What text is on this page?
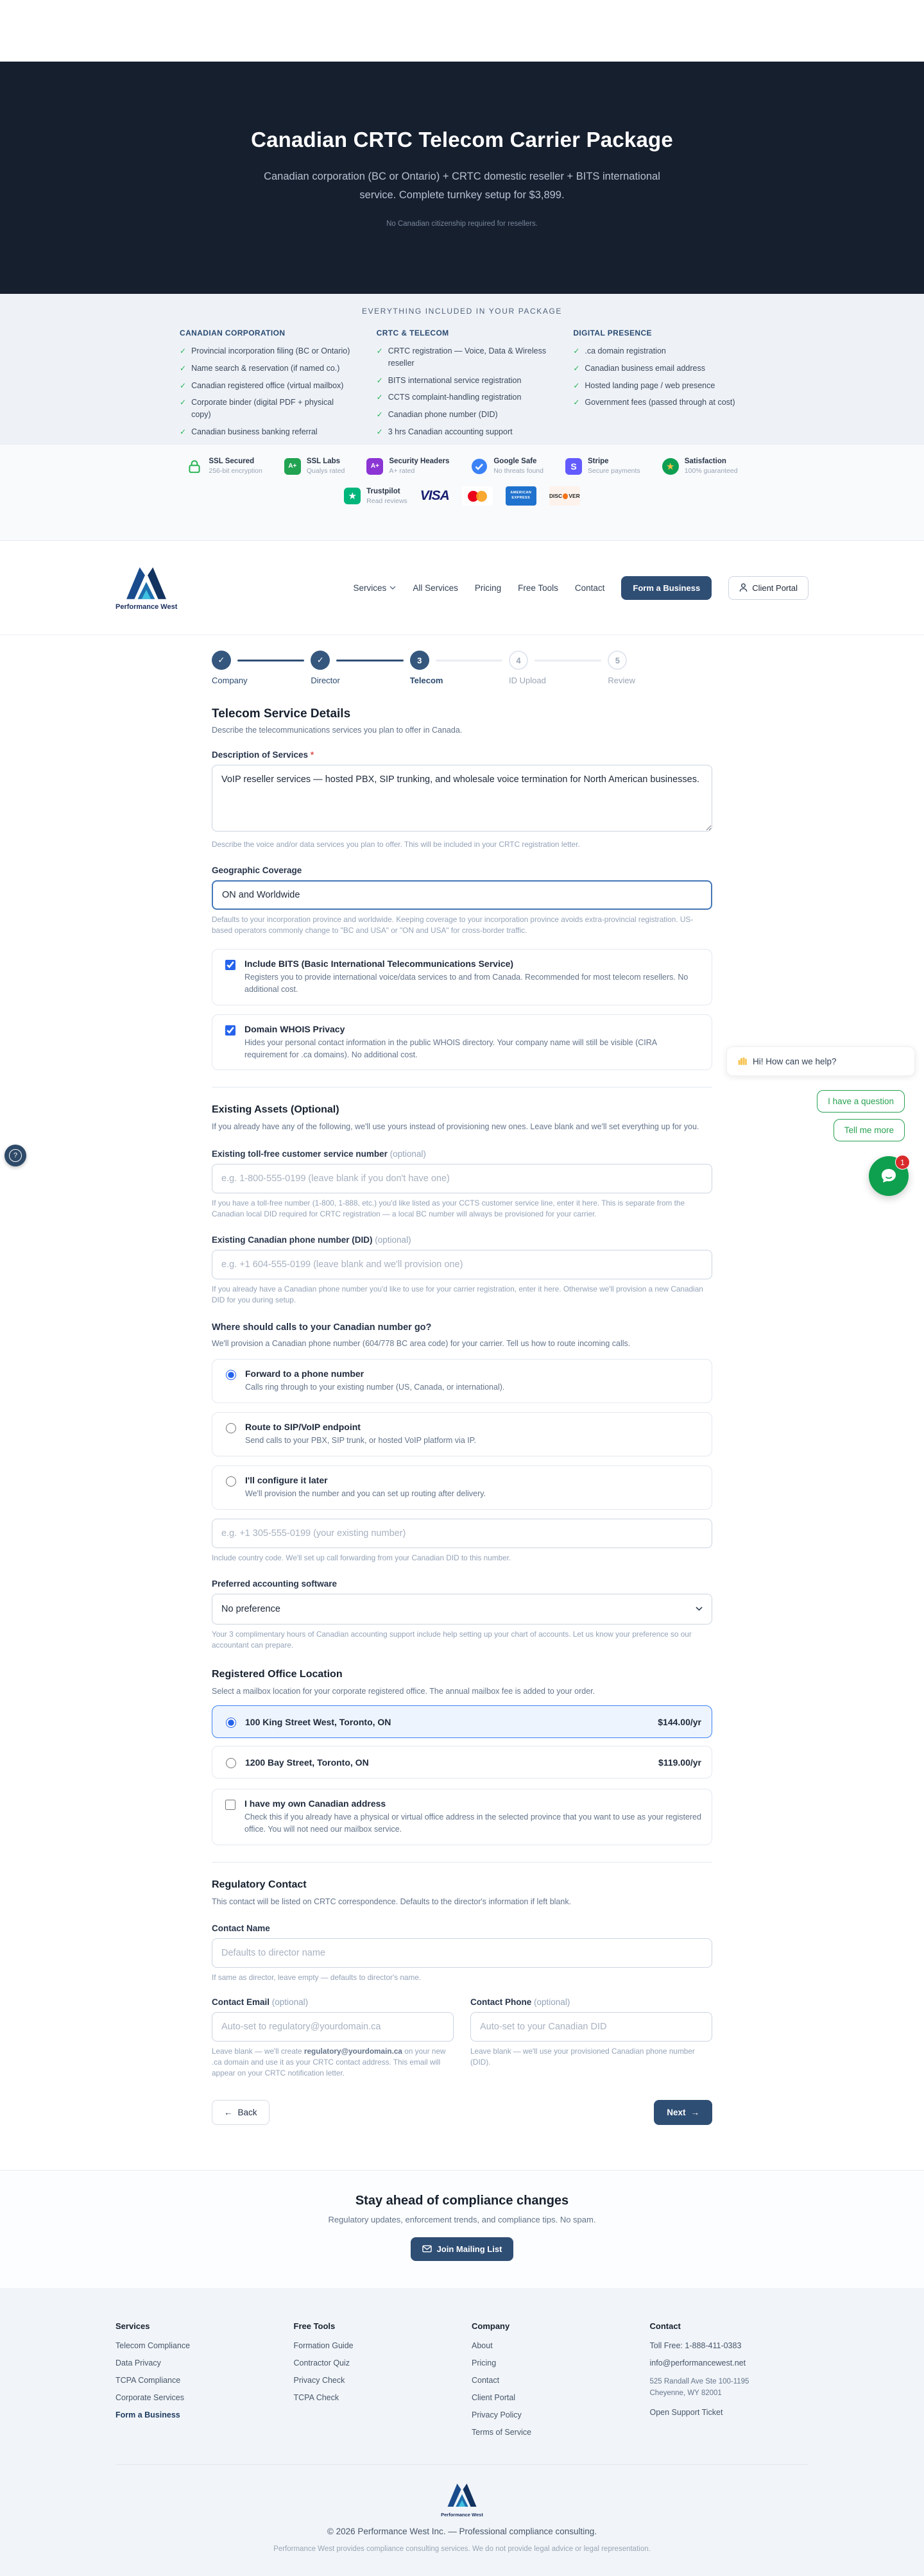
Canadian CRTC Telecom Carrier Package

Canadian corporation (BC or Ontario) + CRTC domestic reseller + BITS international service. Complete turnkey setup for $3,899.

No Canadian citizenship required for resellers.
EVERYTHING INCLUDED IN YOUR PACKAGE
CANADIAN CORPORATION
✓ Provincial incorporation filing (BC or Ontario)
✓ Name search & reservation (if named co.)
✓ Canadian registered office (virtual mailbox)
✓ Corporate binder (digital PDF + physical copy)
✓ Canadian business banking referral
CRTC & TELECOM
✓ CRTC registration — Voice, Data & Wireless reseller
✓ BITS international service registration
✓ CCTS complaint-handling registration
✓ Canadian phone number (DID)
✓ 3 hrs Canadian accounting support
DIGITAL PRESENCE
✓ .ca domain registration
✓ Canadian business email address
✓ Hosted landing page / web presence
✓ Government fees (passed through at cost)
SSL Secured
256-bit encryption
A+
SSL Labs
Qualys rated
A+
Security Headers
A+ rated
Google Safe
No threats found	S	Stripe
Secure payments	★	Satisfaction
100% guaranteed
★	Trustpilot
Read reviews VISA	AMERICAN
EXPRESS	DISC VER
Performance West
Services	All Services Pricing Free Tools Contact	Form a Business	Client Portal
✓
Company
✓
Director
3
Telecom
4
ID Upload
5
Review
Telecom Service Details
Describe the telecommunications services you plan to offer in Canada.
Description of Services *
VoIP reseller services — hosted PBX, SIP trunking, and wholesale voice termination for North American businesses.
Describe the voice and/or data services you plan to offer. This will be included in your CRTC registration letter.
Geographic Coverage
ON and Worldwide
Defaults to your incorporation province and worldwide. Keeping coverage to your incorporation province avoids extra-provincial registration. US-based operators commonly change to "BC and USA" or "ON and USA" for cross-border traffic.
Include BITS (Basic International Telecommunications Service)
Registers you to provide international voice/data services to and from Canada. Recommended for most telecom resellers. No additional cost.
Domain WHOIS Privacy
Hides your personal contact information in the public WHOIS directory. Your company name will still be visible (CIRA requirement for .ca domains). No additional cost.
Existing Assets (Optional)
If you already have any of the following, we'll use yours instead of provisioning new ones. Leave blank and we'll set everything up for you.
Existing toll-free customer service number (optional)
e.g. 1-800-555-0199 (leave blank if you don't have one)
If you have a toll-free number (1-800, 1-888, etc.) you'd like listed as your CCTS customer service line, enter it here. This is separate from the Canadian local DID required for CRTC registration — a local BC number will always be provisioned for your carrier.
Existing Canadian phone number (DID) (optional)
e.g. +1 604-555-0199 (leave blank and we'll provision one)
If you already have a Canadian phone number you'd like to use for your carrier registration, enter it here. Otherwise we'll provision a new Canadian DID for you during setup.
Where should calls to your Canadian number go?
We'll provision a Canadian phone number (604/778 BC area code) for your carrier. Tell us how to route incoming calls.
Forward to a phone number
Calls ring through to your existing number (US, Canada, or international).
Route to SIP/VoIP endpoint
Send calls to your PBX, SIP trunk, or hosted VoIP platform via IP.
I'll configure it later
We'll provision the number and you can set up routing after delivery.
e.g. +1 305-555-0199 (your existing number)
Include country code. We'll set up call forwarding from your Canadian DID to this number.
Preferred accounting software
No preference
Your 3 complimentary hours of Canadian accounting support include help setting up your chart of accounts. Let us know your preference so our accountant can prepare.
Registered Office Location
Select a mailbox location for your corporate registered office. The annual mailbox fee is added to your order.
100 King Street West, Toronto, ON	$144.00/yr
1200 Bay Street, Toronto, ON	$119.00/yr
I have my own Canadian address
Check this if you already have a physical or virtual office address in the selected province that you want to use as your registered office. You will not need our mailbox service.
Regulatory Contact
This contact will be listed on CRTC correspondence. Defaults to the director's information if left blank.
Contact Name
Defaults to director name
If same as director, leave empty — defaults to director's name.
Contact Email (optional)
Auto-set to regulatory@yourdomain.ca
Leave blank — we'll create regulatory@yourdomain.ca on your new .ca domain and use it as your CRTC contact address. This email will appear on your CRTC notification letter.
Contact Phone (optional)
Auto-set to your Canadian DID
Leave blank — we'll use your provisioned Canadian phone number (DID).
← Back	Next →
Stay ahead of compliance changes
Regulatory updates, enforcement trends, and compliance tips. No spam.
Join Mailing List
Services
Telecom Compliance
Data Privacy
TCPA Compliance
Corporate Services
Form a Business
Free Tools
Formation Guide
Contractor Quiz
Privacy Check
TCPA Check
Company
About
Pricing
Contact
Client Portal
Privacy Policy
Terms of Service
Contact
Toll Free: 1-888-411-0383
info@performancewest.net
525 Randall Ave Ste 100-1195
Cheyenne, WY 82001
Open Support Ticket
Performance West
© 2026 Performance West Inc. — Professional compliance consulting.
Performance West provides compliance consulting services. We do not provide legal advice or legal representation.
?
Hi! How can we help?
I have a question
Tell me more
1
